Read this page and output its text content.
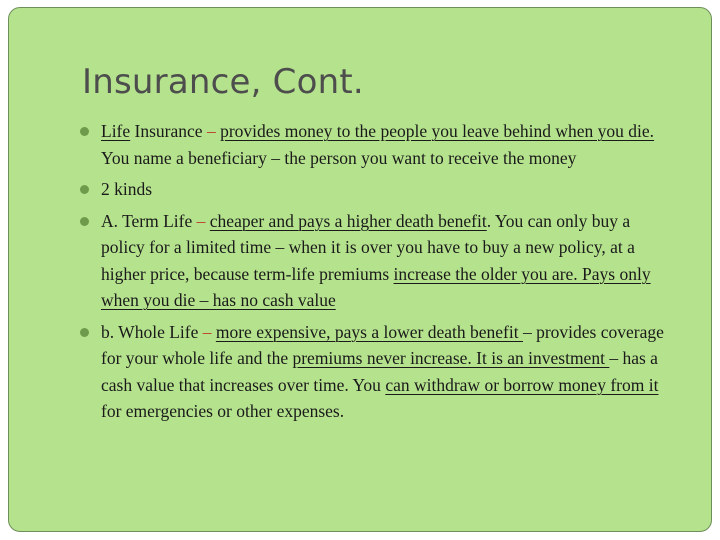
Insurance, Cont.
Life Insurance – provides money to the people you leave behind when you die. You name a beneficiary – the person you want to receive the money
2 kinds
A. Term Life – cheaper and pays a higher death benefit. You can only buy a policy for a limited time – when it is over you have to buy a new policy, at a higher price, because term-life premiums increase the older you are. Pays only when you die – has no cash value
b. Whole Life – more expensive, pays a lower death benefit – provides coverage for your whole life and the premiums never increase. It is an investment – has a cash value that increases over time. You can withdraw or borrow money from it for emergencies or other expenses.
